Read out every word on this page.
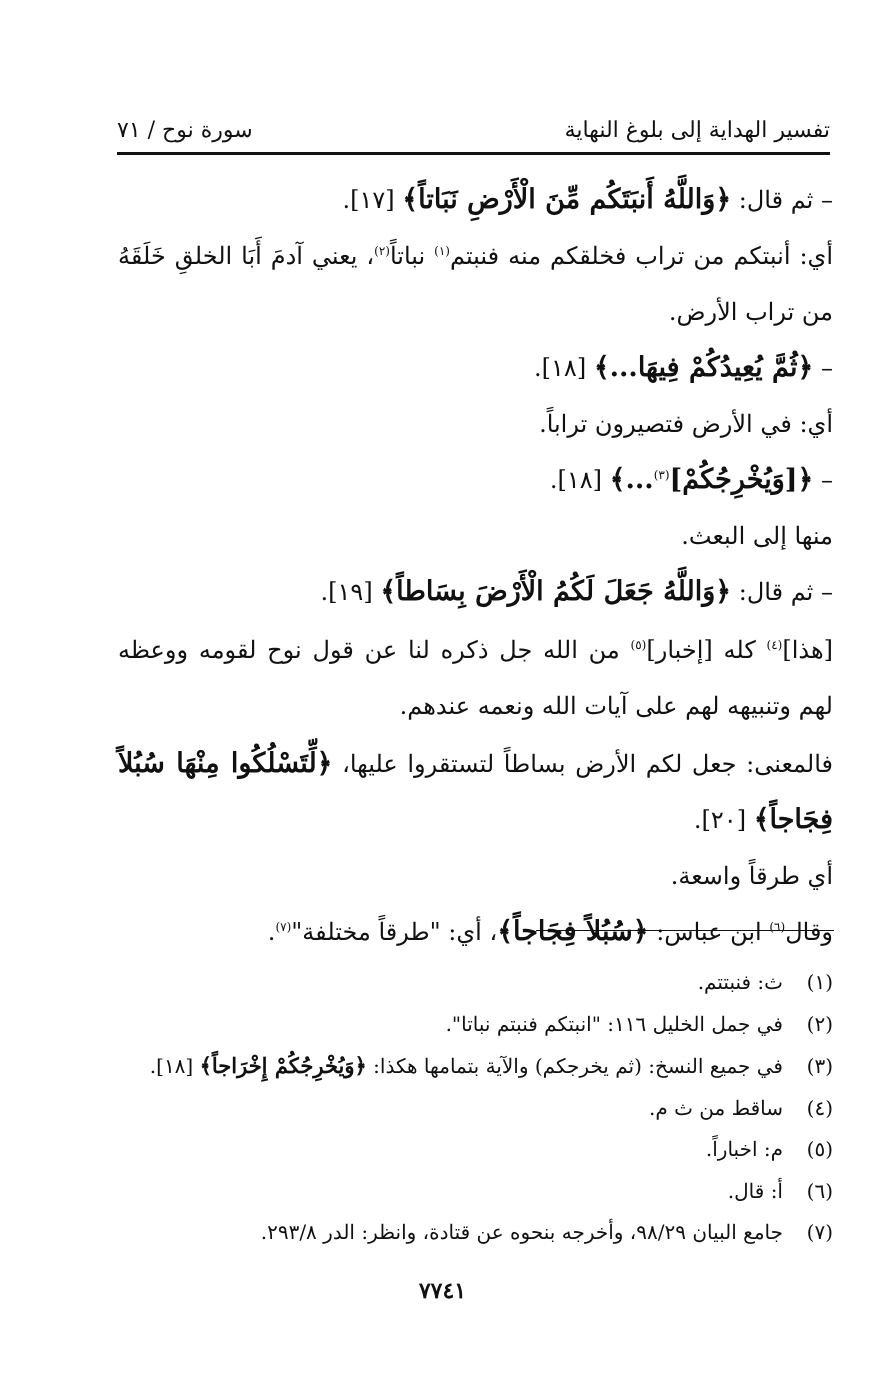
تفسير الهداية إلى بلوغ النهاية
سورة نوح / ٧١

– ثم قال: ﴿وَاللَّهُ أَنبَتَكُم مِّنَ الْأَرْضِ نَبَاتاً﴾ [١٧].

أي: أنبتكم من تراب فخلقكم منه فنبتم$^{(١)}$ نباتاً$^{(٢)}$، يعني آدمَ أَبَا الخلقِ خَلَقَهُ من تراب الأرض.

– ﴿ثُمَّ يُعِيدُكُمْ فِيهَا...﴾ [١٨].

أي: في الأرض فتصيرون تراباً.

– ﴿[وَيُخْرِجُكُمْ]$^{(٣)}$...﴾ [١٨].

منها إلى البعث.

– ثم قال: ﴿وَاللَّهُ جَعَلَ لَكُمُ الْأَرْضَ بِسَاطاً﴾ [١٩].

[هذا]$^{(٤)}$ كله [إخبار]$^{(٥)}$ من الله جل ذكره لنا عن قول نوح لقومه ووعظه لهم وتنبيهه لهم على آيات الله ونعمه عندهم.

فالمعنى: جعل لكم الأرض بساطاً لتستقروا عليها، ﴿لِّتَسْلُكُوا مِنْهَا سُبُلاً فِجَاجاً﴾ [٢٠].

أي طرقاً واسعة.

وقال$^{(٦)}$ ابن عباس: ﴿سُبُلاً فِجَاجاً﴾، أي: "طرقاً مختلفة"$^{(٧)}$.

(١)
ث: فنبتتم.
(٢)
في جمل الخليل ١١٦: "انبتكم فنبتم نباتا".
(٣)
في جميع النسخ: (ثم يخرجكم) والآية بتمامها هكذا: ﴿وَيُخْرِجُكُمْ إِخْرَاجاً﴾ [١٨].
(٤)
ساقط من ث م.
(٥)
م: اخباراً.
(٦)
أ: قال.
(٧)
جامع البيان ٩٨/٢٩، وأخرجه بنحوه عن قتادة، وانظر: الدر ٢٩٣/٨.
٧٧٤١
